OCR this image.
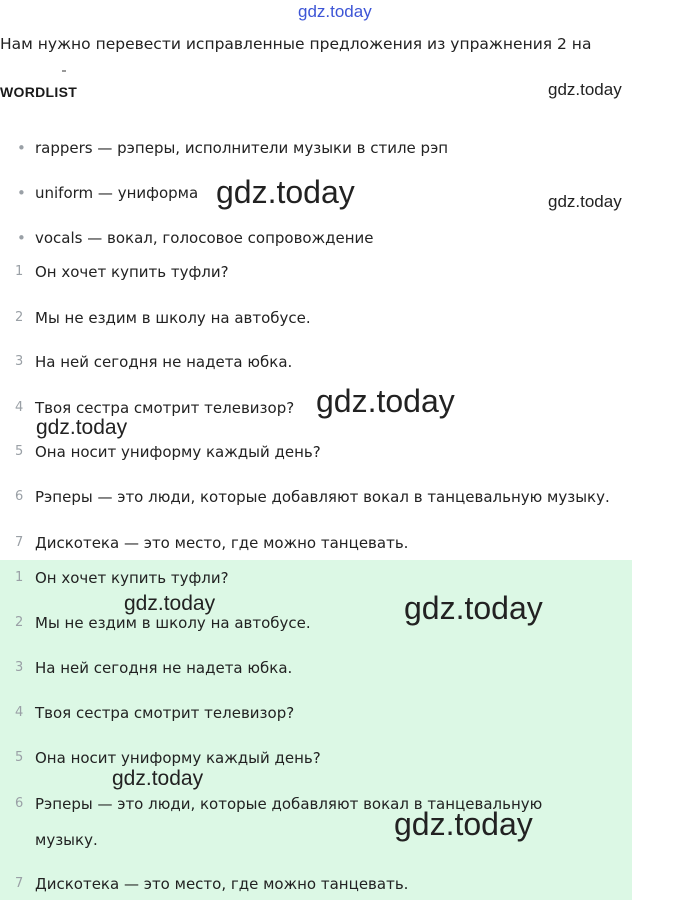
gdz.today
Нам нужно перевести исправленные предложения из упражнения 2 на
WORDLIST
• rappers — рэперы, исполнители музыки в стиле рэп
• uniform — униформа
• vocals — вокал, голосовое сопровождение
1 Он хочет купить туфли?
2 Мы не ездим в школу на автобусе.
3 На ней сегодня не надета юбка.
4 Твоя сестра смотрит телевизор?
5 Она носит униформу каждый день?
6 Рэперы — это люди, которые добавляют вокал в танцевальную музыку.
7 Дискотека — это место, где можно танцевать.
1 Он хочет купить туфли?
2 Мы не ездим в школу на автобусе.
3 На ней сегодня не надета юбка.
4 Твоя сестра смотрит телевизор?
5 Она носит униформу каждый день?
6 Рэперы — это люди, которые добавляют вокал в танцевальную музыку.
7 Дискотека — это место, где можно танцевать.
gdz.today
gdz.today	gdz.today
gdz.today
gdz.today
gdz.today	gdz.today
gdz.today
gdz.today
